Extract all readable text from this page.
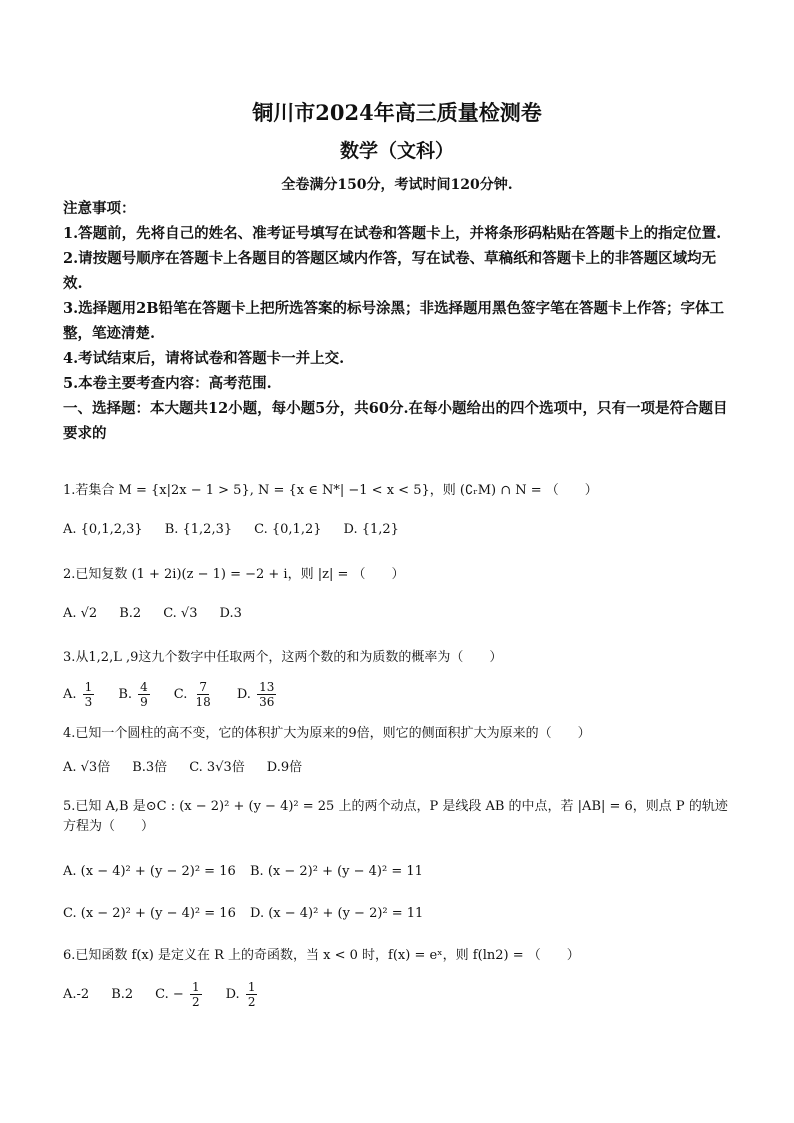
铜川市2024年高三质量检测卷
数学（文科）
全卷满分150分，考试时间120分钟.

注意事项：

1.答题前，先将自己的姓名、准考证号填写在试卷和答题卡上，并将条形码粘贴在答题卡上的指定位置.

2.请按题号顺序在答题卡上各题目的答题区域内作答，写在试卷、草稿纸和答题卡上的非答题区域均无效.

3.选择题用2B铅笔在答题卡上把所选答案的标号涂黑；非选择题用黑色签字笔在答题卡上作答；字体工整，笔迹清楚.

4.考试结束后，请将试卷和答题卡一并上交.

5.本卷主要考查内容：高考范围.

一、选择题：本大题共12小题，每小题5分，共60分.在每小题给出的四个选项中，只有一项是符合题目要求的

1.若集合 M = {x|2x − 1 > 5}, N = {x ∈ N*| −1 < x < 5}，则 (∁ᵣM) ∩ N = （　　）

A. {0,1,2,3} B. {1,2,3} C. {0,1,2} D. {1,2}

2.已知复数 (1 + 2i)(z − 1) = −2 + i，则 |z| = （　　）

A. √2 B.2 C. √3 D.3

3.从1,2,L ,9这九个数字中任取两个，这两个数的和为质数的概率为（　　）

A. $\frac{1}{3} B$. $\frac{4}{9} C$. $\frac{7}{18} D$. $\frac{13}{36}$

4.已知一个圆柱的高不变，它的体积扩大为原来的9倍，则它的侧面积扩大为原来的（　　）

A. √3倍 B.3倍 C. 3√3倍 D.9倍

5.已知 A,B 是⊙C : (x − 2)² + (y − 4)² = 25 上的两个动点，P 是线段 AB 的中点，若 |AB| = 6，则点 P 的轨迹方程为（　　）

A. (x − 4)² + (y − 2)² = 16 B. (x − 2)² + (y − 4)² = 11
C. (x − 2)² + (y − 4)² = 16 D. (x − 4)² + (y − 2)² = 11

6.已知函数 f(x) 是定义在 R 上的奇函数，当 x < 0 时，f(x) = eˣ，则 f(ln2) = （　　）

A.-2 B.2 C. − $\frac{1}{2} D$. $\frac{1}{2}$
